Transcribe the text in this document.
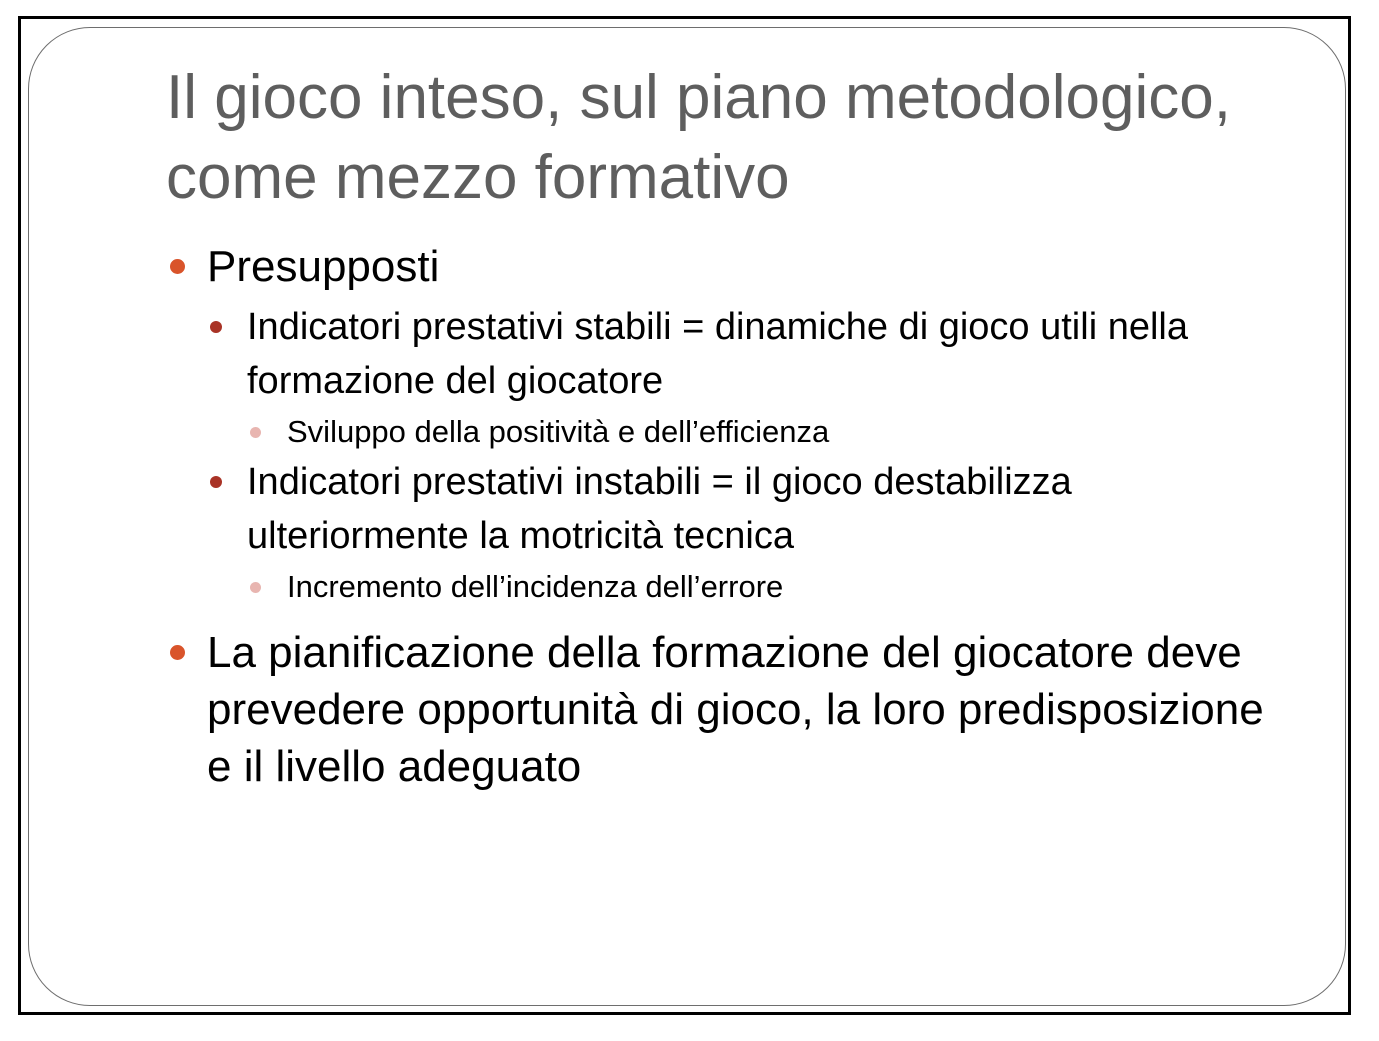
Il gioco inteso, sul piano metodologico, come mezzo formativo
Presupposti
Indicatori prestativi stabili = dinamiche di gioco utili nella formazione del giocatore
Sviluppo della positività e dell’efficienza
Indicatori prestativi instabili = il gioco destabilizza ulteriormente la motricità tecnica
Incremento dell’incidenza dell’errore
La pianificazione della formazione del giocatore deve prevedere opportunità di gioco, la loro predisposizione e il livello adeguato
